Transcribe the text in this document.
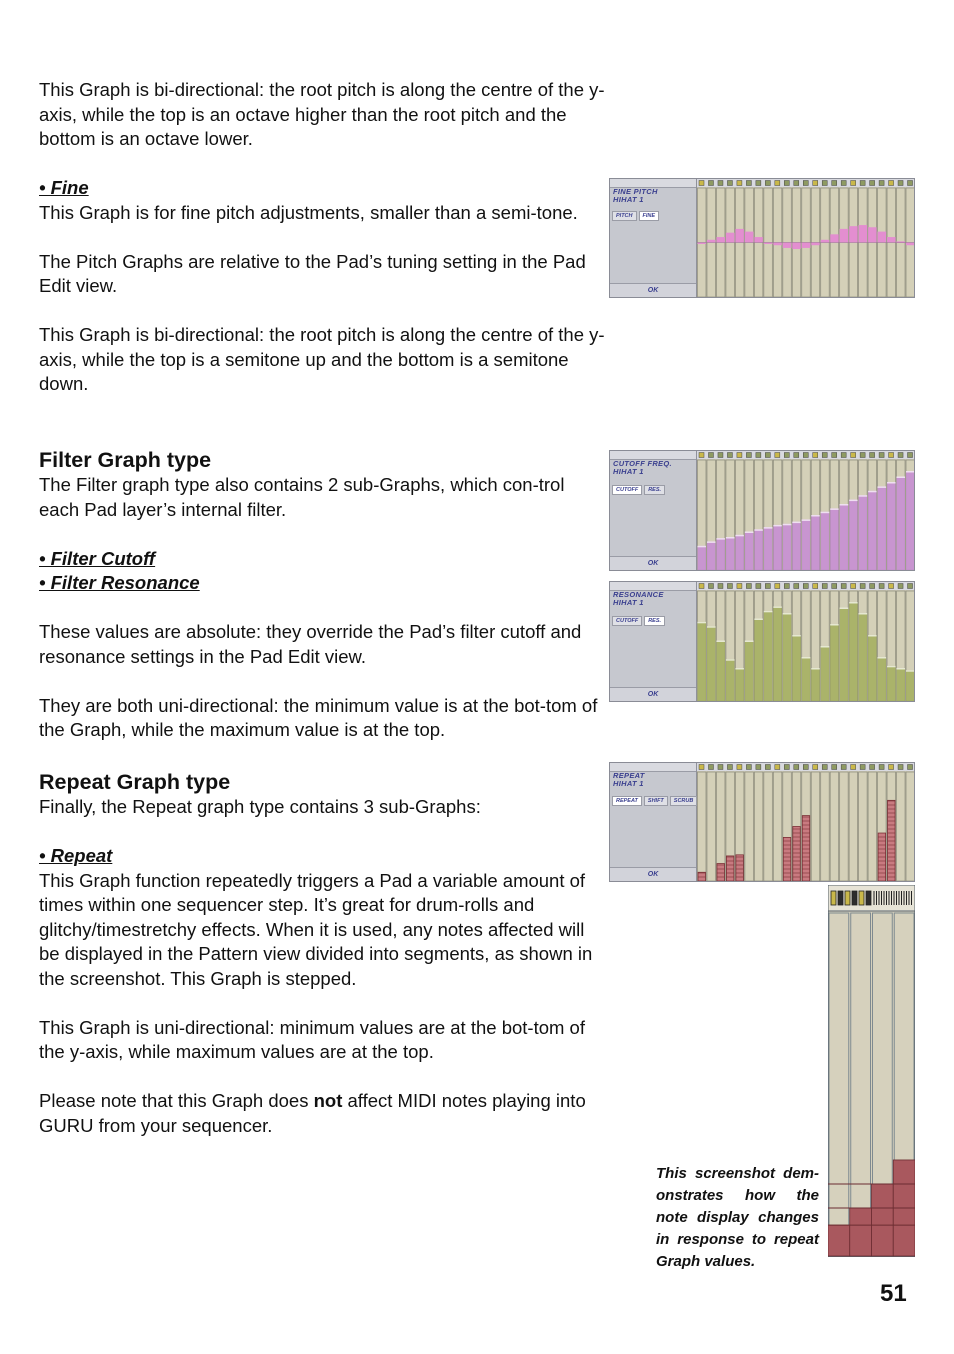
This Graph is bi-directional: the root pitch is along the centre of the y-axis, while the top is an octave higher than the root pitch and the bottom is an octave lower.

• Fine

This Graph is for fine pitch adjustments, smaller than a semi-tone.

The Pitch Graphs are relative to the Pad’s tuning setting in the Pad Edit view.

This Graph is bi-directional: the root pitch is along the centre of the y-axis, while the top is a semitone up and the bottom is a semitone down.

Filter Graph type

The Filter graph type also contains 2 sub-Graphs, which con-trol each Pad layer’s internal filter.

• Filter Cutoff

• Filter Resonance

These values are absolute: they override the Pad’s filter cutoff and resonance settings in the Pad Edit view.

They are both uni-directional: the minimum value is at the bot-tom of the Graph, while the maximum value is at the top.

Repeat Graph type

Finally, the Repeat graph type contains 3 sub-Graphs:

• Repeat

This Graph function repeatedly triggers a Pad a variable amount of times within one sequencer step. It’s great for drum-rolls and glitchy/timestretchy effects. When it is used, any notes affected will be displayed in the Pattern view divided into segments, as shown in the screenshot. This Graph is stepped.

This Graph is uni-directional: minimum values are at the bot-tom of the y-axis, while maximum values are at the top.

Please note that this Graph does not affect MIDI notes playing into GURU from your sequencer.

FINE PITCH
HIHAT 1
PITCH	FINE
OK
CUTOFF FREQ.
HIHAT 1
CUTOFF	RES.
OK
RESONANCE
HIHAT 1
CUTOFF	RES.
OK
REPEAT
HIHAT 1
REPEAT	SHIFT	SCRUB
OK

This screenshot dem-onstrates how the note display changes in response to repeat Graph values.

51
